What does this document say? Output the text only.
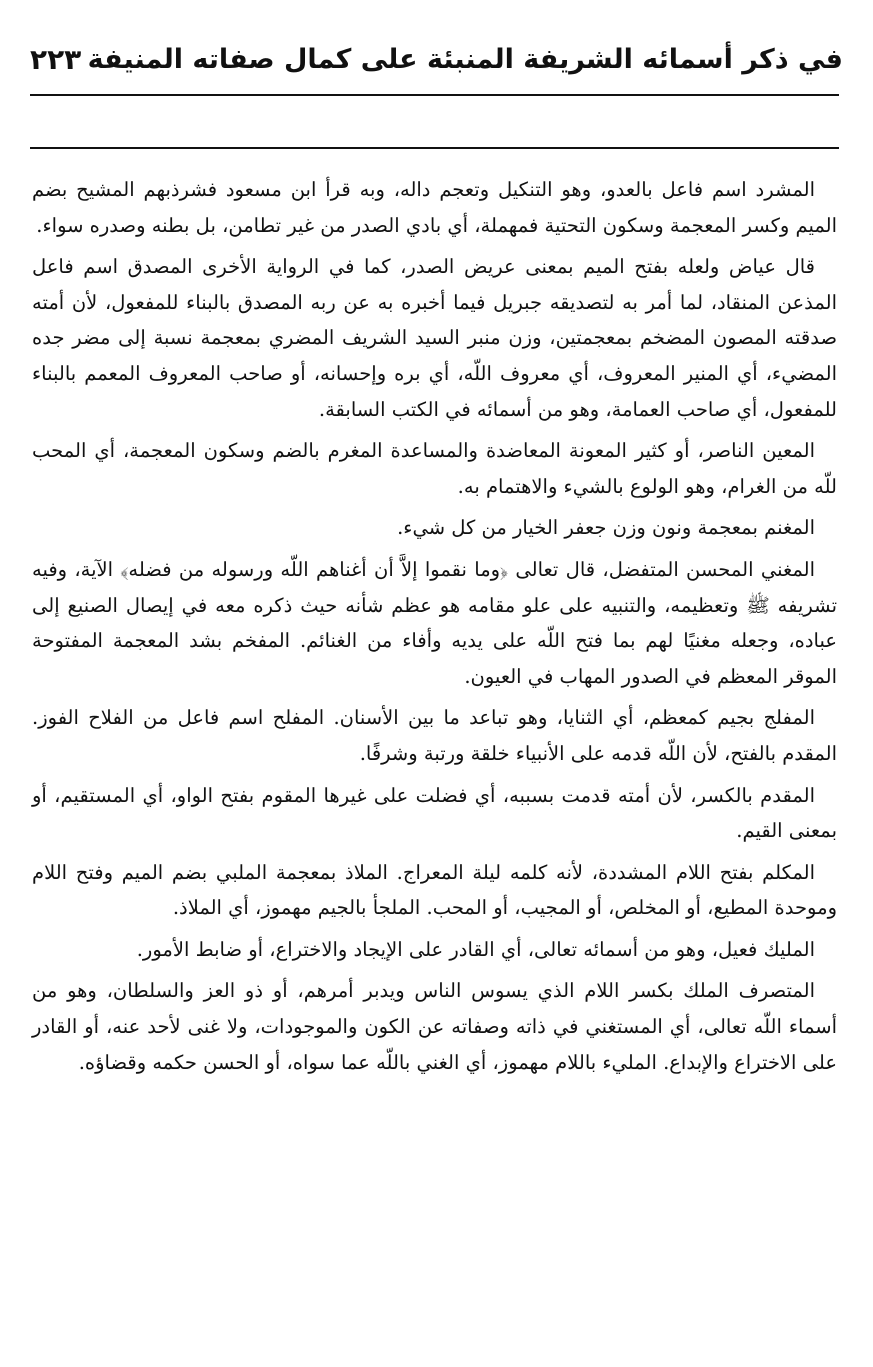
في ذكر أسمائه الشريفة المنبئة على كمال صفاته المنيفة
٢٢٣

المشرد اسم فاعل بالعدو، وهو التنكيل وتعجم داله، وبه قرأ ابن مسعود فشرذبهم المشيح بضم الميم وكسر المعجمة وسكون التحتية فمهملة، أي بادي الصدر من غير تطامن، بل بطنه وصدره سواء.

قال عياض ولعله بفتح الميم بمعنى عريض الصدر، كما في الرواية الأخرى المصدق اسم فاعل المذعن المنقاد، لما أمر به لتصديقه جبريل فيما أخبره به عن ربه المصدق بالبناء للمفعول، لأن أمته صدقته المصون المضخم بمعجمتين، وزن منبر السيد الشريف المضري بمعجمة نسبة إلى مضر جده المضيء، أي المنير المعروف، أي معروف اللّه، أي بره وإحسانه، أو صاحب المعروف المعمم بالبناء للمفعول، أي صاحب العمامة، وهو من أسمائه في الكتب السابقة.

المعين الناصر، أو كثير المعونة المعاضدة والمساعدة المغرم بالضم وسكون المعجمة، أي المحب للّه من الغرام، وهو الولوع بالشيء والاهتمام به.

المغنم بمعجمة ونون وزن جعفر الخيار من كل شيء.

المغني المحسن المتفضل، قال تعالى ﴿وما نقموا إلاَّ أن أغناهم اللّه ورسوله من فضله﴾ الآية، وفيه تشريفه ﷺ وتعظيمه، والتنبيه على علو مقامه هو عظم شأنه حيث ذكره معه في إيصال الصنيع إلى عباده، وجعله مغنيًا لهم بما فتح اللّه على يديه وأفاء من الغنائم. المفخم بشد المعجمة المفتوحة الموقر المعظم في الصدور المهاب في العيون.

المفلج بجيم كمعظم، أي الثنايا، وهو تباعد ما بين الأسنان. المفلح اسم فاعل من الفلاح الفوز. المقدم بالفتح، لأن اللّه قدمه على الأنبياء خلقة ورتبة وشرفًا.

المقدم بالكسر، لأن أمته قدمت بسببه، أي فضلت على غيرها المقوم بفتح الواو، أي المستقيم، أو بمعنى القيم.

المكلم بفتح اللام المشددة، لأنه كلمه ليلة المعراج. الملاذ بمعجمة الملبي بضم الميم وفتح اللام وموحدة المطيع، أو المخلص، أو المجيب، أو المحب. الملجأ بالجيم مهموز، أي الملاذ.

المليك فعيل، وهو من أسمائه تعالى، أي القادر على الإيجاد والاختراع، أو ضابط الأمور.

المتصرف الملك بكسر اللام الذي يسوس الناس ويدبر أمرهم، أو ذو العز والسلطان، وهو من أسماء اللّه تعالى، أي المستغني في ذاته وصفاته عن الكون والموجودات، ولا غنى لأحد عنه، أو القادر على الاختراع والإبداع. المليء باللام مهموز، أي الغني باللّه عما سواه، أو الحسن حكمه وقضاؤه.
